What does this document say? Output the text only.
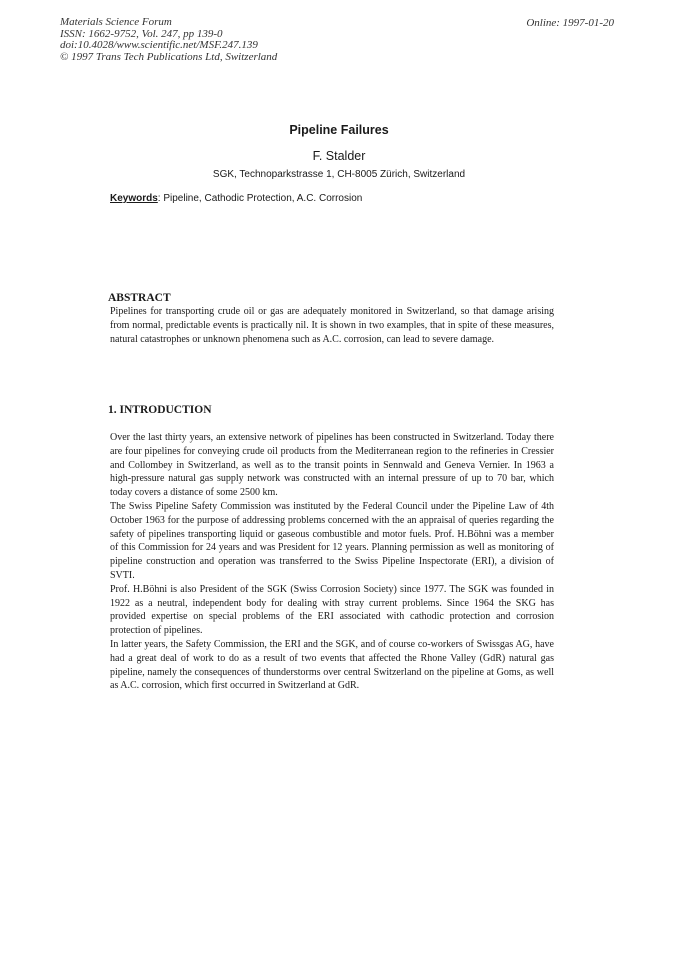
Materials Science Forum
ISSN: 1662-9752, Vol. 247, pp 139-0
doi:10.4028/www.scientific.net/MSF.247.139
© 1997 Trans Tech Publications Ltd, Switzerland
Online: 1997-01-20
Pipeline Failures
F. Stalder
SGK, Technoparkstrasse 1, CH-8005 Zürich, Switzerland
Keywords: Pipeline, Cathodic Protection, A.C. Corrosion
ABSTRACT

Pipelines for transporting crude oil or gas are adequately monitored in Switzerland, so that damage arising from normal, predictable events is practically nil. It is shown in two examples, that in spite of these measures, natural catastrophes or unknown phenomena such as A.C. corrosion, can lead to severe damage.

1. INTRODUCTION

Over the last thirty years, an extensive network of pipelines has been constructed in Switzerland. Today there are four pipelines for conveying crude oil products from the Mediterranean region to the refineries in Cressier and Collombey in Switzerland, as well as to the transit points in Sennwald and Geneva Vernier. In 1963 a high-pressure natural gas supply network was constructed with an internal pressure of up to 70 bar, which today covers a distance of some 2500 km.

The Swiss Pipeline Safety Commission was instituted by the Federal Council under the Pipeline Law of 4th October 1963 for the purpose of addressing problems concerned with the an appraisal of queries regarding the safety of pipelines transporting liquid or gaseous combustible and motor fuels. Prof. H.Böhni was a member of this Commission for 24 years and was President for 12 years. Planning permission as well as monitoring of pipeline construction and operation was transferred to the Swiss Pipeline Inspectorate (ERI), a division of SVTI.

Prof. H.Böhni is also President of the SGK (Swiss Corrosion Society) since 1977. The SGK was founded in 1922 as a neutral, independent body for dealing with stray current problems. Since 1964 the SKG has provided expertise on special problems of the ERI associated with cathodic protection and corrosion protection of pipelines.

In latter years, the Safety Commission, the ERI and the SGK, and of course co-workers of Swissgas AG, have had a great deal of work to do as a result of two events that affected the Rhone Valley (GdR) natural gas pipeline, namely the consequences of thunderstorms over central Switzerland on the pipeline at Goms, as well as A.C. corrosion, which first occurred in Switzerland at GdR.
